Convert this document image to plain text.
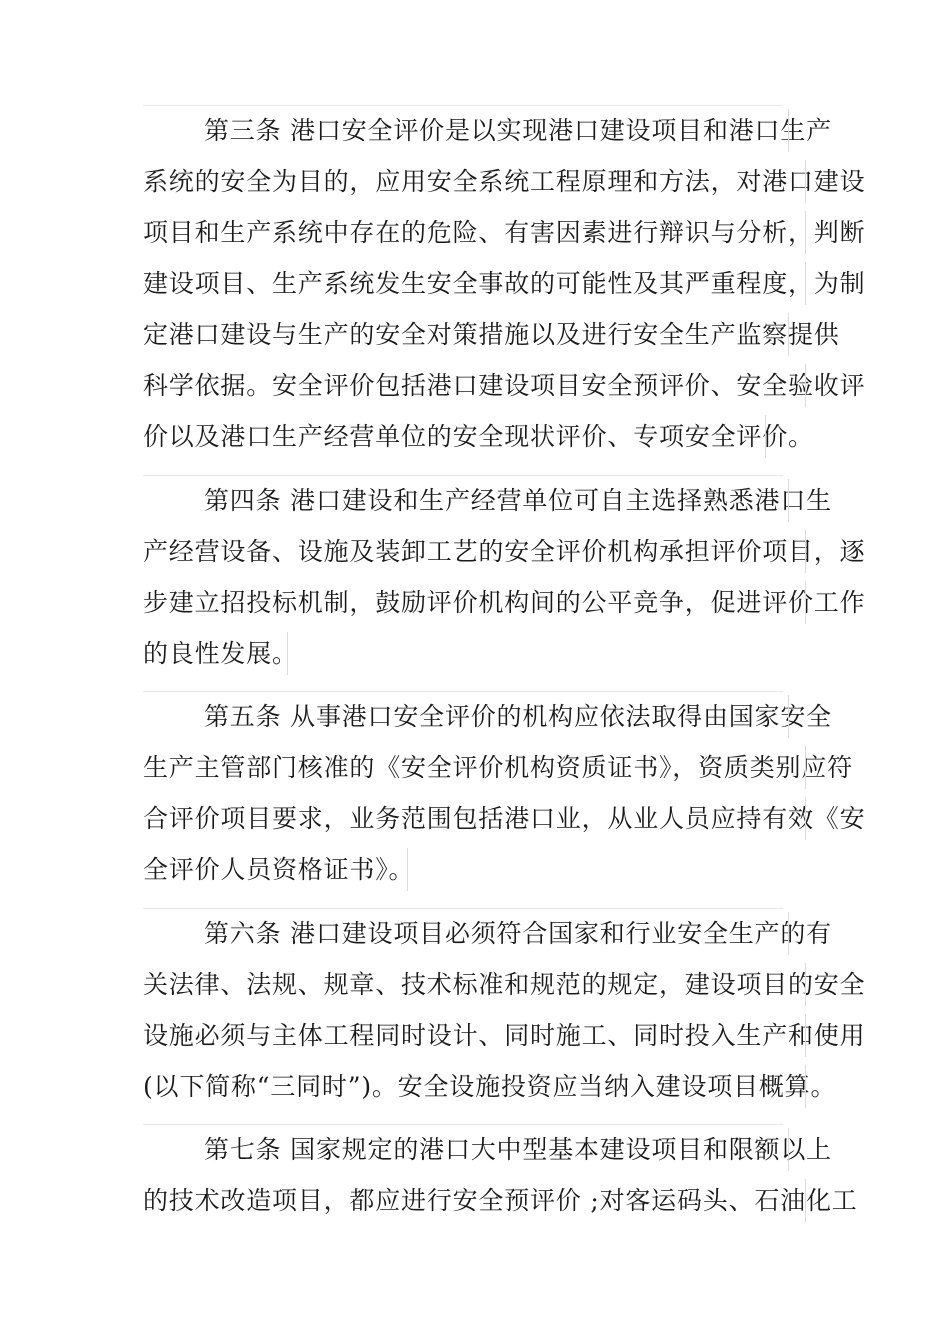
第三条 港口安全评价是以实现港口建设项目和港口生产
系统的安全为目的，应用安全系统工程原理和方法，对港口建设
项目和生产系统中存在的危险、有害因素进行辩识与分析，判断
建设项目、生产系统发生安全事故的可能性及其严重程度，为制
定港口建设与生产的安全对策措施以及进行安全生产监察提供
科学依据。安全评价包括港口建设项目安全预评价、安全验收评
价以及港口生产经营单位的安全现状评价、专项安全评价。
第四条 港口建设和生产经营单位可自主选择熟悉港口生
产经营设备、设施及装卸工艺的安全评价机构承担评价项目，逐
步建立招投标机制，鼓励评价机构间的公平竞争，促进评价工作
的良性发展。
第五条 从事港口安全评价的机构应依法取得由国家安全
生产主管部门核准的《安全评价机构资质证书》，资质类别应符
合评价项目要求，业务范围包括港口业，从业人员应持有效《安
全评价人员资格证书》。
第六条 港口建设项目必须符合国家和行业安全生产的有
关法律、法规、规章、技术标准和规范的规定，建设项目的安全
设施必须与主体工程同时设计、同时施工、同时投入生产和使用
(以下简称“三同时”)。安全设施投资应当纳入建设项目概算。
第七条 国家规定的港口大中型基本建设项目和限额以上
的技术改造项目，都应进行安全预评价 ;对客运码头、石油化工
